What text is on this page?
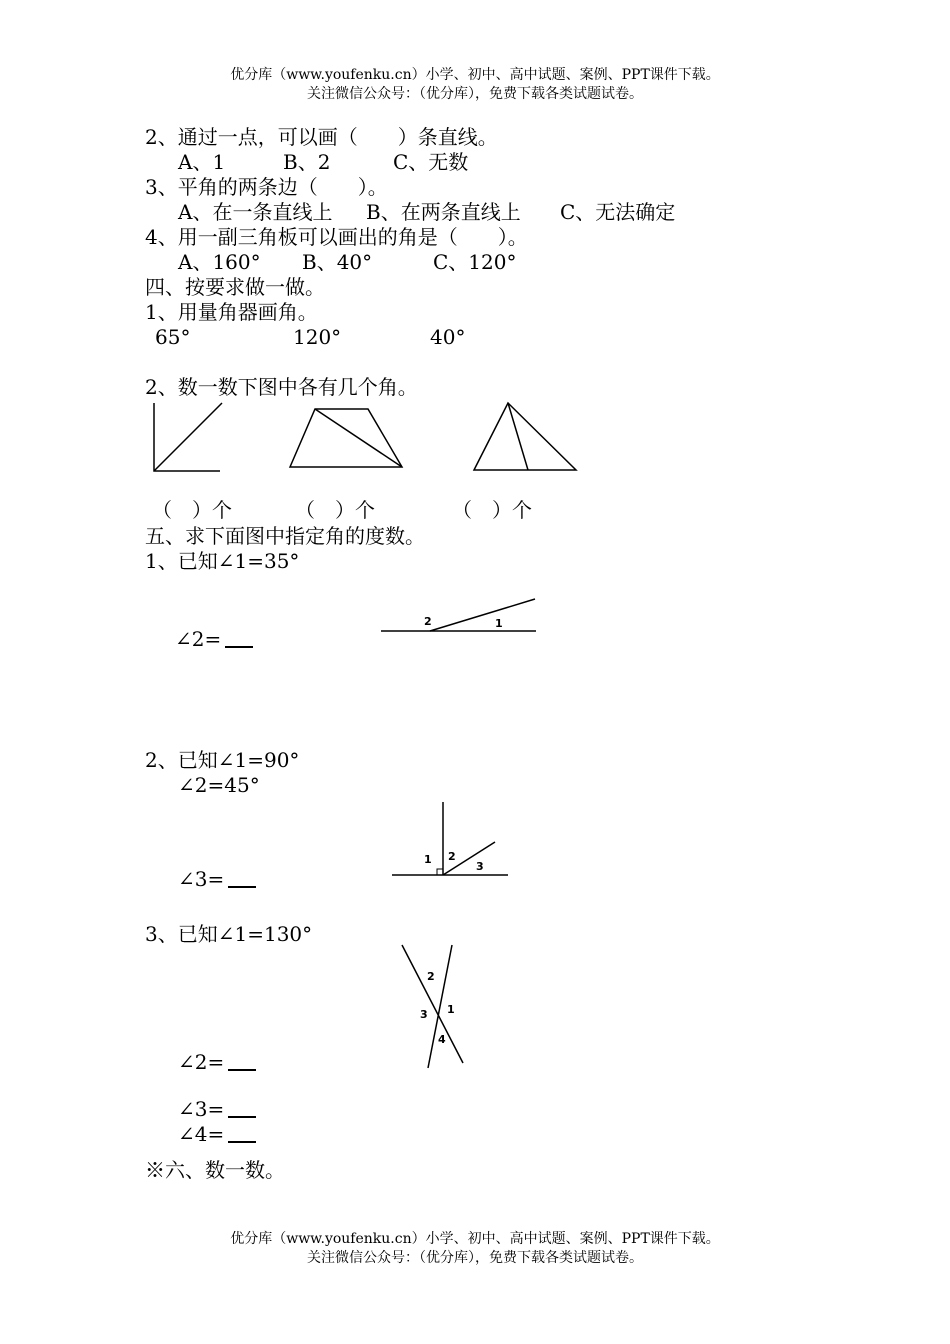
优分库（www.youfenku.cn）小学、初中、高中试题、案例、PPT课件下载。
关注微信公众号：（优分库），免费下载各类试题试卷。
2、通过一点，可以画（　　）条直线。
A、1	B、2	C、无数
3、平角的两条边（　　）。
A、在一条直线上 B、在两条直线上 C、无法确定
4、用一副三角板可以画出的角是（　　）。
A、160° B、40°	C、120°
四、按要求做一做。
1、用量角器画角。
65°	120°	40°
2、数一数下图中各有几个角。
（　）个	（　）个	（　）个
五、求下面图中指定角的度数。
1、已知∠1=35°
∠2=
2	1
2、已知∠1=90°
∠2=45°
∠3=
1 2
3
3、已知∠1=130°
2
3 1
4
∠2=
∠3=
∠4=
※六、数一数。
优分库（www.youfenku.cn）小学、初中、高中试题、案例、PPT课件下载。
关注微信公众号：（优分库），免费下载各类试题试卷。
